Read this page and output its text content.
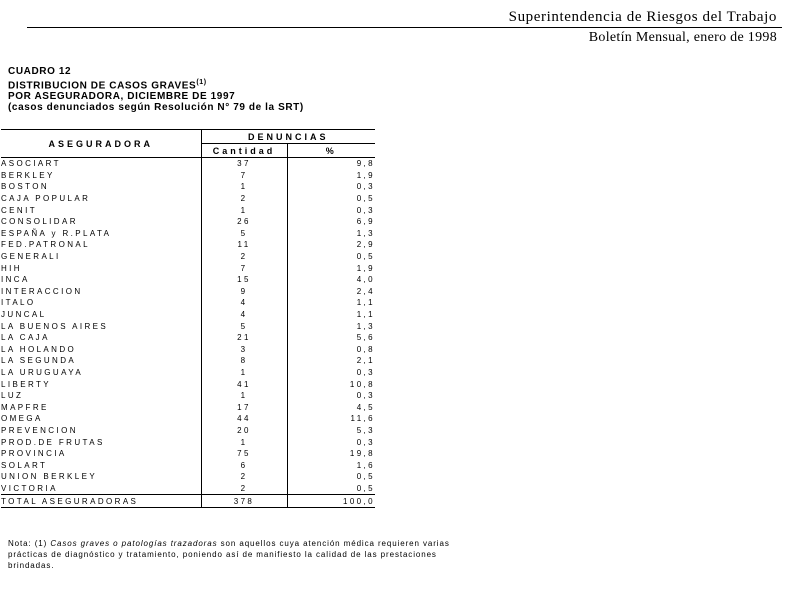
Superintendencia de Riesgos del Trabajo
Boletín Mensual, enero de 1998
CUADRO 12
DISTRIBUCION DE CASOS GRAVES$^{(1)}$
POR ASEGURADORA, DICIEMBRE DE 1997
(casos denunciados según Resolución N° 79 de la SRT)
ASEGURADORA	DENUNCIAS	
	Cantidad	%
ASOCIART	37	9,8
BERKLEY	7	1,9
BOSTON	1	0,3
CAJA POPULAR	2	0,5
CENIT	1	0,3
CONSOLIDAR	26	6,9
ESPAÑA y R.PLATA	5	1,3
FED.PATRONAL	11	2,9
GENERALI	2	0,5
HIH	7	1,9
INCA	15	4,0
INTERACCION	9	2,4
ITALO	4	1,1
JUNCAL	4	1,1
LA BUENOS AIRES	5	1,3
LA CAJA	21	5,6
LA HOLANDO	3	0,8
LA SEGUNDA	8	2,1
LA URUGUAYA	1	0,3
LIBERTY	41	10,8
LUZ	1	0,3
MAPFRE	17	4,5
OMEGA	44	11,6
PREVENCION	20	5,3
PROD.DE FRUTAS	1	0,3
PROVINCIA	75	19,8
SOLART	6	1,6
UNION BERKLEY	2	0,5
VICTORIA	2	0,5
TOTAL ASEGURADORAS	378	100,0
Nota: (1) Casos graves o patologías trazadoras son aquellos cuya atención médica requieren varias prácticas de diagnóstico y tratamiento, poniendo así de manifiesto la calidad de las prestaciones brindadas.
